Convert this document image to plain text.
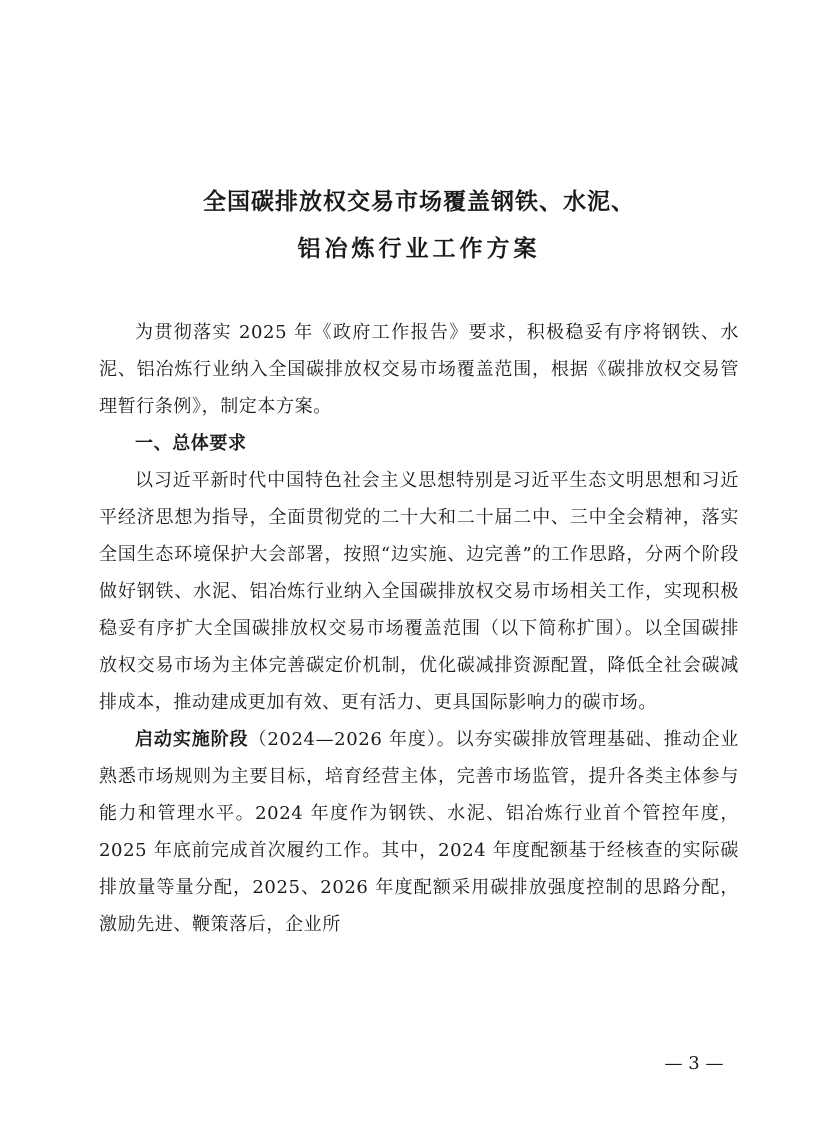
全国碳排放权交易市场覆盖钢铁、水泥、
铝冶炼行业工作方案

为贯彻落实 2025 年《政府工作报告》要求，积极稳妥有序将钢铁、水泥、铝冶炼行业纳入全国碳排放权交易市场覆盖范围，根据《碳排放权交易管理暂行条例》，制定本方案。

一、总体要求

以习近平新时代中国特色社会主义思想特别是习近平生态文明思想和习近平经济思想为指导，全面贯彻党的二十大和二十届二中、三中全会精神，落实全国生态环境保护大会部署，按照“边实施、边完善”的工作思路，分两个阶段做好钢铁、水泥、铝冶炼行业纳入全国碳排放权交易市场相关工作，实现积极稳妥有序扩大全国碳排放权交易市场覆盖范围（以下简称扩围）。以全国碳排放权交易市场为主体完善碳定价机制，优化碳减排资源配置，降低全社会碳减排成本，推动建成更加有效、更有活力、更具国际影响力的碳市场。

启动实施阶段（2024—2026 年度）。以夯实碳排放管理基础、推动企业熟悉市场规则为主要目标，培育经营主体，完善市场监管，提升各类主体参与能力和管理水平。2024 年度作为钢铁、水泥、铝冶炼行业首个管控年度，2025 年底前完成首次履约工作。其中，2024 年度配额基于经核查的实际碳排放量等量分配，2025、2026 年度配额采用碳排放强度控制的思路分配，激励先进、鞭策落后，企业所

— 3 —
